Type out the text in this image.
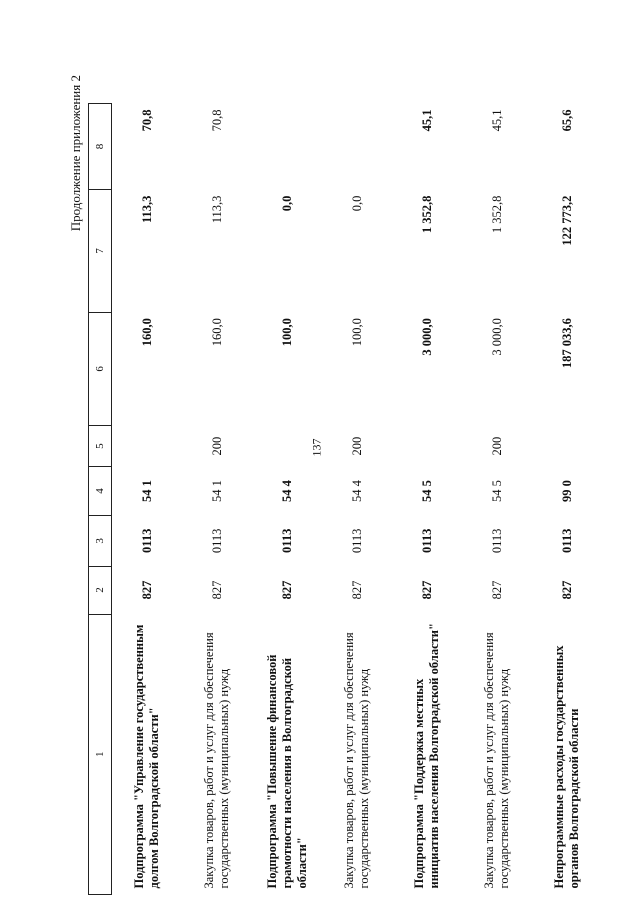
137
Продолжение приложения 2
1	2	3	4	5	6	7	8
Подпрограмма "Управление государственным долгом Волгоградской области"	827	0113	54 1		160,0	113,3	70,8
Закупка товаров, работ и услуг для обеспечения государственных (муниципальных) нужд	827	0113	54 1	200	160,0	113,3	70,8
Подпрограмма "Повышение финансовой грамотности населения в Волгоградской области"	827	0113	54 4		100,0	0,0	
Закупка товаров, работ и услуг для обеспечения государственных (муниципальных) нужд	827	0113	54 4	200	100,0	0,0	
Подпрограмма "Поддержка местных инициатив населения Волгоградской области"	827	0113	54 5		3 000,0	1 352,8	45,1
Закупка товаров, работ и услуг для обеспечения государственных (муниципальных) нужд	827	0113	54 5	200	3 000,0	1 352,8	45,1
Непрограммные расходы государственных органов Волгоградской области	827	0113	99 0		187 033,6	122 773,2	65,6
